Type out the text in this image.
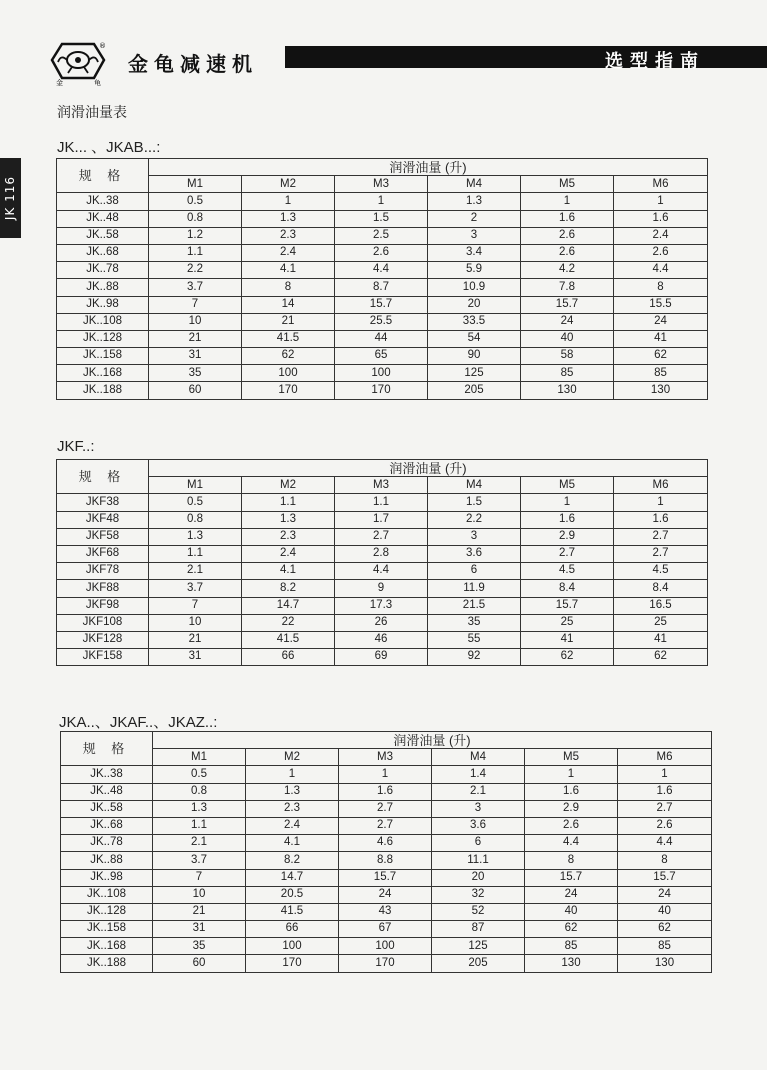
®
金	龟
金龟减速机	选型指南
JK 116
润滑油量表
JK... 、JKAB...:
规 格	润滑油量 (升)					
	M1	M2	M3	M4	M5	M6
JK..38	0.5	1	1	1.3	1	1
JK..48	0.8	1.3	1.5	2	1.6	1.6
JK..58	1.2	2.3	2.5	3	2.6	2.4
JK..68	1.1	2.4	2.6	3.4	2.6	2.6
JK..78	2.2	4.1	4.4	5.9	4.2	4.4
JK..88	3.7	8	8.7	10.9	7.8	8
JK..98	7	14	15.7	20	15.7	15.5
JK..108	10	21	25.5	33.5	24	24
JK..128	21	41.5	44	54	40	41
JK..158	31	62	65	90	58	62
JK..168	35	100	100	125	85	85
JK..188	60	170	170	205	130	130
JKF..:
规 格	润滑油量 (升)					
	M1	M2	M3	M4	M5	M6
JKF38	0.5	1.1	1.1	1.5	1	1
JKF48	0.8	1.3	1.7	2.2	1.6	1.6
JKF58	1.3	2.3	2.7	3	2.9	2.7
JKF68	1.1	2.4	2.8	3.6	2.7	2.7
JKF78	2.1	4.1	4.4	6	4.5	4.5
JKF88	3.7	8.2	9	11.9	8.4	8.4
JKF98	7	14.7	17.3	21.5	15.7	16.5
JKF108	10	22	26	35	25	25
JKF128	21	41.5	46	55	41	41
JKF158	31	66	69	92	62	62
JKA..、JKAF..、JKAZ..:
规 格	润滑油量 (升)					
	M1	M2	M3	M4	M5	M6
JK..38	0.5	1	1	1.4	1	1
JK..48	0.8	1.3	1.6	2.1	1.6	1.6
JK..58	1.3	2.3	2.7	3	2.9	2.7
JK..68	1.1	2.4	2.7	3.6	2.6	2.6
JK..78	2.1	4.1	4.6	6	4.4	4.4
JK..88	3.7	8.2	8.8	11.1	8	8
JK..98	7	14.7	15.7	20	15.7	15.7
JK..108	10	20.5	24	32	24	24
JK..128	21	41.5	43	52	40	40
JK..158	31	66	67	87	62	62
JK..168	35	100	100	125	85	85
JK..188	60	170	170	205	130	130
